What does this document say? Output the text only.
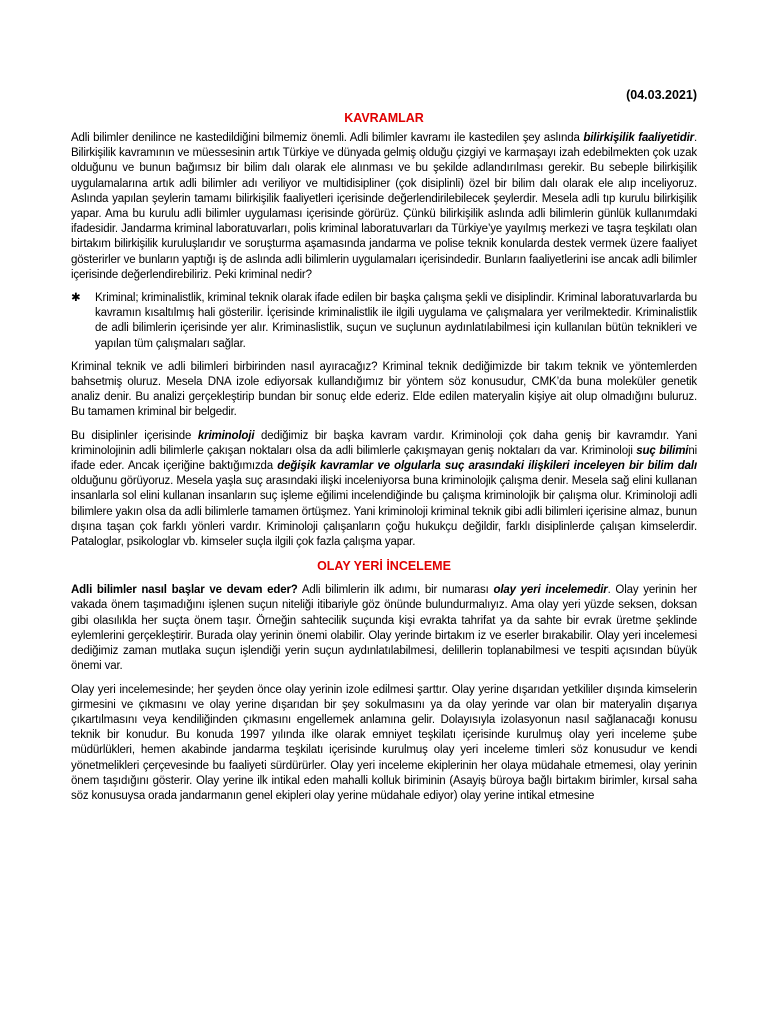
(04.03.2021)
KAVRAMLAR

Adli bilimler denilince ne kastedildiğini bilmemiz önemli. Adli bilimler kavramı ile kastedilen şey aslında bilirkişilik faaliyetidir. Bilirkişilik kavramının ve müessesinin artık Türkiye ve dünyada gelmiş olduğu çizgiyi ve karmaşayı izah edebilmekten çok uzak olduğunu ve bunun bağımsız bir bilim dalı olarak ele alınması ve bu şekilde adlandırılması gerekir. Bu sebeple bilirkişilik uygulamalarına artık adli bilimler adı veriliyor ve multidisipliner (çok disiplinli) özel bir bilim dalı olarak ele alıp inceliyoruz. Aslında yapılan şeylerin tamamı bilirkişilik faaliyetleri içerisinde değerlendirilebilecek şeylerdir. Mesela adli tıp kurulu bilirkişilik yapar. Ama bu kurulu adli bilimler uygulaması içerisinde görürüz. Çünkü bilirkişilik aslında adli bilimlerin günlük kullanımdaki ifadesidir. Jandarma kriminal laboratuvarları, polis kriminal laboratuvarları da Türkiye’ye yayılmış merkezi ve taşra teşkilatı olan birtakım bilirkişilik kuruluşlarıdır ve soruşturma aşamasında jandarma ve polise teknik konularda destek vermek üzere faaliyet gösterirler ve bunların yaptığı iş de aslında adli bilimlerin uygulamaları içerisindedir. Bunların faaliyetlerini ise ancak adli bilimler içerisinde değerlendirebiliriz. Peki kriminal nedir?

✱	Kriminal; kriminalistlik, kriminal teknik olarak ifade edilen bir başka çalışma şekli ve disiplindir. Kriminal laboratuvarlarda bu kavramın kısaltılmış hali gösterilir. İçerisinde kriminalistlik ile ilgili uygulama ve çalışmalara yer verilmektedir. Kriminalistlik de adli bilimlerin içerisinde yer alır. Kriminaslistlik, suçun ve suçlunun aydınlatılabilmesi için kullanılan bütün teknikleri ve yapılan tüm çalışmaları sağlar.

Kriminal teknik ve adli bilimleri birbirinden nasıl ayıracağız? Kriminal teknik dediğimizde bir takım teknik ve yöntemlerden bahsetmiş oluruz. Mesela DNA izole ediyorsak kullandığımız bir yöntem söz konusudur, CMK’da buna moleküler genetik analiz denir. Bu analizi gerçekleştirip bundan bir sonuç elde ederiz. Elde edilen materyalin kişiye ait olup olmadığını buluruz. Bu tamamen kriminal bir belgedir.

Bu disiplinler içerisinde kriminoloji dediğimiz bir başka kavram vardır. Kriminoloji çok daha geniş bir kavramdır. Yani kriminolojinin adli bilimlerle çakışan noktaları olsa da adli bilimlerle çakışmayan geniş noktaları da var. Kriminoloji suç bilimini ifade eder. Ancak içeriğine baktığımızda değişik kavramlar ve olgularla suç arasındaki ilişkileri inceleyen bir bilim dalı olduğunu görüyoruz. Mesela yaşla suç arasındaki ilişki inceleniyorsa buna kriminolojik çalışma denir. Mesela sağ elini kullanan insanlarla sol elini kullanan insanların suç işleme eğilimi incelendiğinde bu çalışma kriminolojik bir çalışma olur. Kriminoloji adli bilimlere yakın olsa da adli bilimlerle tamamen örtüşmez. Yani kriminoloji kriminal teknik gibi adli bilimleri içerisine almaz, bunun dışına taşan çok farklı yönleri vardır. Kriminoloji çalışanların çoğu hukukçu değildir, farklı disiplinlerde çalışan kimselerdir. Pataloglar, psikologlar vb. kimseler suçla ilgili çok fazla çalışma yapar.

OLAY YERİ İNCELEME

Adli bilimler nasıl başlar ve devam eder? Adli bilimlerin ilk adımı, bir numarası olay yeri incelemedir. Olay yerinin her vakada önem taşımadığını işlenen suçun niteliği itibariyle göz önünde bulundurmalıyız. Ama olay yeri yüzde seksen, doksan gibi olasılıkla her suçta önem taşır. Örneğin sahtecilik suçunda kişi evrakta tahrifat ya da sahte bir evrak üretme şeklinde eylemlerini gerçekleştirir. Burada olay yerinin önemi olabilir. Olay yerinde birtakım iz ve eserler bırakabilir. Olay yeri incelemesi dediğimiz zaman mutlaka suçun işlendiği yerin suçun aydınlatılabilmesi, delillerin toplanabilmesi ve tespiti açısından büyük önemi var.

Olay yeri incelemesinde; her şeyden önce olay yerinin izole edilmesi şarttır. Olay yerine dışarıdan yetkililer dışında kimselerin girmesini ve çıkmasını ve olay yerine dışarıdan bir şey sokulmasını ya da olay yerinde var olan bir materyalin dışarıya çıkartılmasını veya kendiliğinden çıkmasını engellemek anlamına gelir. Dolayısıyla izolasyonun nasıl sağlanacağı konusu teknik bir konudur. Bu konuda 1997 yılında ilke olarak emniyet teşkilatı içerisinde kurulmuş olay yeri inceleme şube müdürlükleri, hemen akabinde jandarma teşkilatı içerisinde kurulmuş olay yeri inceleme timleri söz konusudur ve kendi yönetmelikleri çerçevesinde bu faaliyeti sürdürürler. Olay yeri inceleme ekiplerinin her olaya müdahale etmemesi, olay yerinin önem taşıdığını gösterir. Olay yerine ilk intikal eden mahalli kolluk biriminin (Asayiş büroya bağlı birtakım birimler, kırsal saha söz konusuysa orada jandarmanın genel ekipleri olay yerine müdahale ediyor) olay yerine intikal etmesine
